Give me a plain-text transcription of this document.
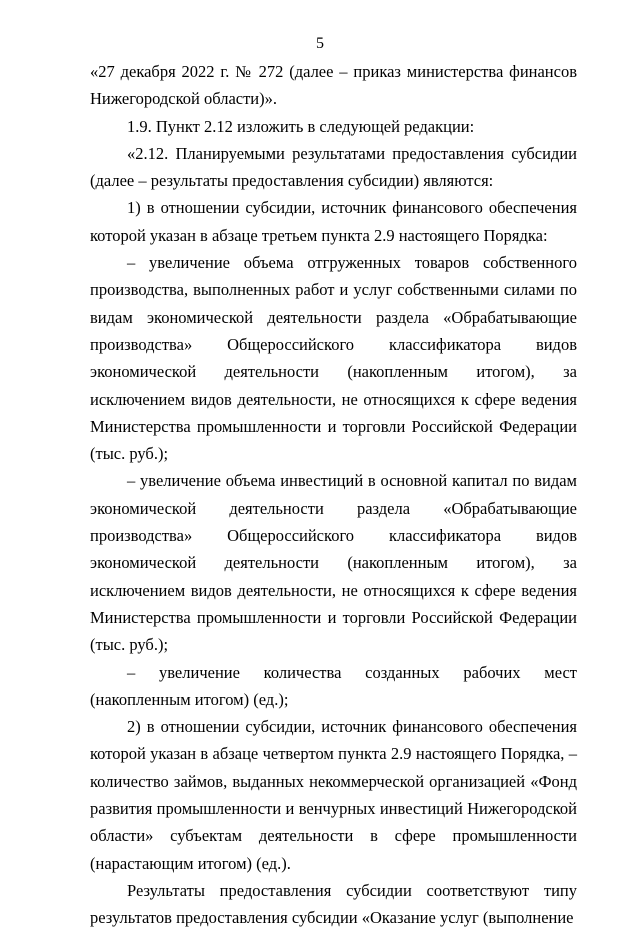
5

«27 декабря 2022 г. № 272 (далее – приказ министерства финансов Нижегородской области)».

1.9. Пункт 2.12 изложить в следующей редакции:

«2.12. Планируемыми результатами предоставления субсидии (далее – результаты предоставления субсидии) являются:

1) в отношении субсидии, источник финансового обеспечения которой указан в абзаце третьем пункта 2.9 настоящего Порядка:

– увеличение объема отгруженных товаров собственного производства, выполненных работ и услуг собственными силами по видам экономической деятельности раздела «Обрабатывающие производства» Общероссийского классификатора видов экономической деятельности (накопленным итогом), за исключением видов деятельности, не относящихся к сфере ведения Министерства промышленности и торговли Российской Федерации (тыс. руб.);

– увеличение объема инвестиций в основной капитал по видам экономической деятельности раздела «Обрабатывающие производства» Общероссийского классификатора видов экономической деятельности (накопленным итогом), за исключением видов деятельности, не относящихся к сфере ведения Министерства промышленности и торговли Российской Федерации (тыс. руб.);

– увеличение количества созданных рабочих мест (накопленным итогом) (ед.);

2) в отношении субсидии, источник финансового обеспечения которой указан в абзаце четвертом пункта 2.9 настоящего Порядка, – количество займов, выданных некоммерческой организацией «Фонд развития промышленности и венчурных инвестиций Нижегородской области» субъектам деятельности в сфере промышленности (нарастающим итогом) (ед.).

Результаты предоставления субсидии соответствуют типу результатов предоставления субсидии «Оказание услуг (выполнение
